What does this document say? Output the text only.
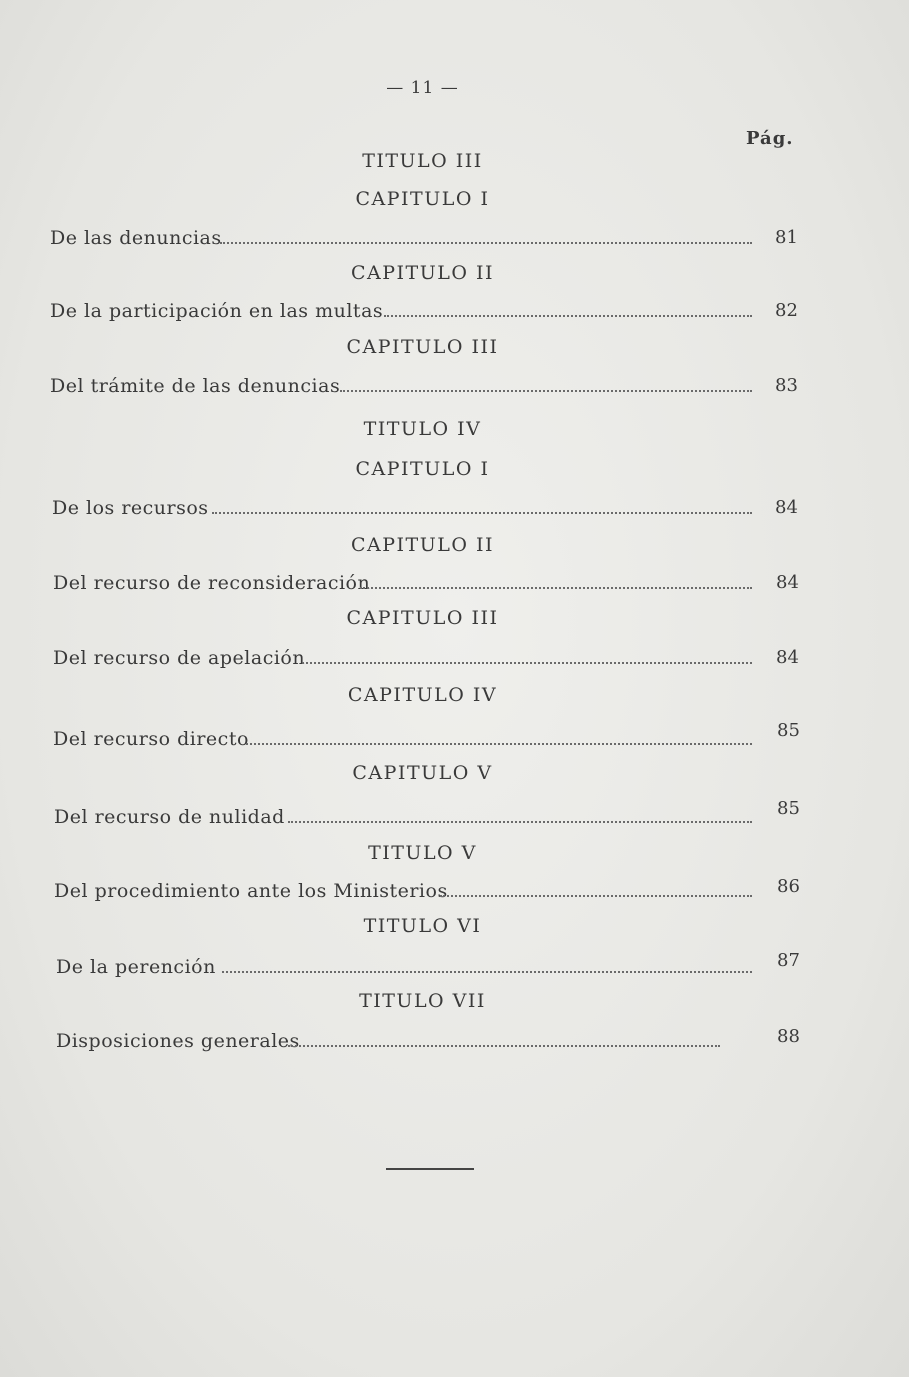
— 11 —
Pág.
TITULO III
CAPITULO I
De las denuncias	81
CAPITULO II
De la participación en las multas	82
CAPITULO III
Del trámite de las denuncias	83
TITULO IV
CAPITULO I
De los recursos	84
CAPITULO II
Del recurso de reconsideración	84
CAPITULO III
Del recurso de apelación	84
CAPITULO IV
Del recurso directo	85
CAPITULO V
Del recurso de nulidad	85
TITULO V
Del procedimiento ante los Ministerios	86
TITULO VI
De la perención	87
TITULO VII
Disposiciones generales	88
